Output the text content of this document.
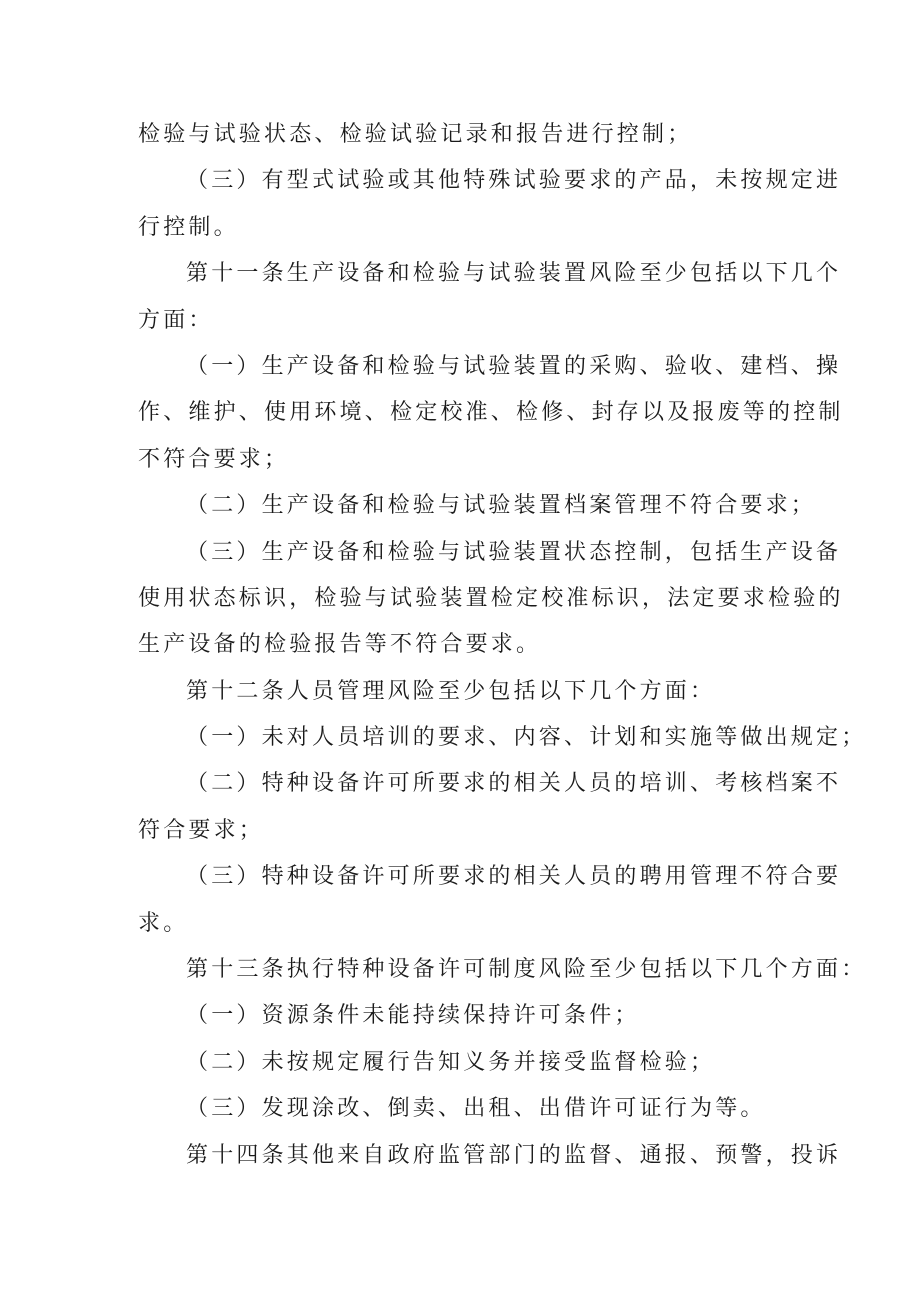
检验与试验状态、检验试验记录和报告进行控制；
（三）有型式试验或其他特殊试验要求的产品，未按规定进
行控制。
第十一条生产设备和检验与试验装置风险至少包括以下几个
方面：
（一）生产设备和检验与试验装置的采购、验收、建档、操
作、维护、使用环境、检定校准、检修、封存以及报废等的控制
不符合要求；
（二）生产设备和检验与试验装置档案管理不符合要求；
（三）生产设备和检验与试验装置状态控制，包括生产设备
使用状态标识，检验与试验装置检定校准标识，法定要求检验的
生产设备的检验报告等不符合要求。
第十二条人员管理风险至少包括以下几个方面：
（一）未对人员培训的要求、内容、计划和实施等做出规定；
（二）特种设备许可所要求的相关人员的培训、考核档案不
符合要求；
（三）特种设备许可所要求的相关人员的聘用管理不符合要
求。
第十三条执行特种设备许可制度风险至少包括以下几个方面：
（一）资源条件未能持续保持许可条件；
（二）未按规定履行告知义务并接受监督检验；
（三）发现涂改、倒卖、出租、出借许可证行为等。
第十四条其他来自政府监管部门的监督、通报、预警，投诉
